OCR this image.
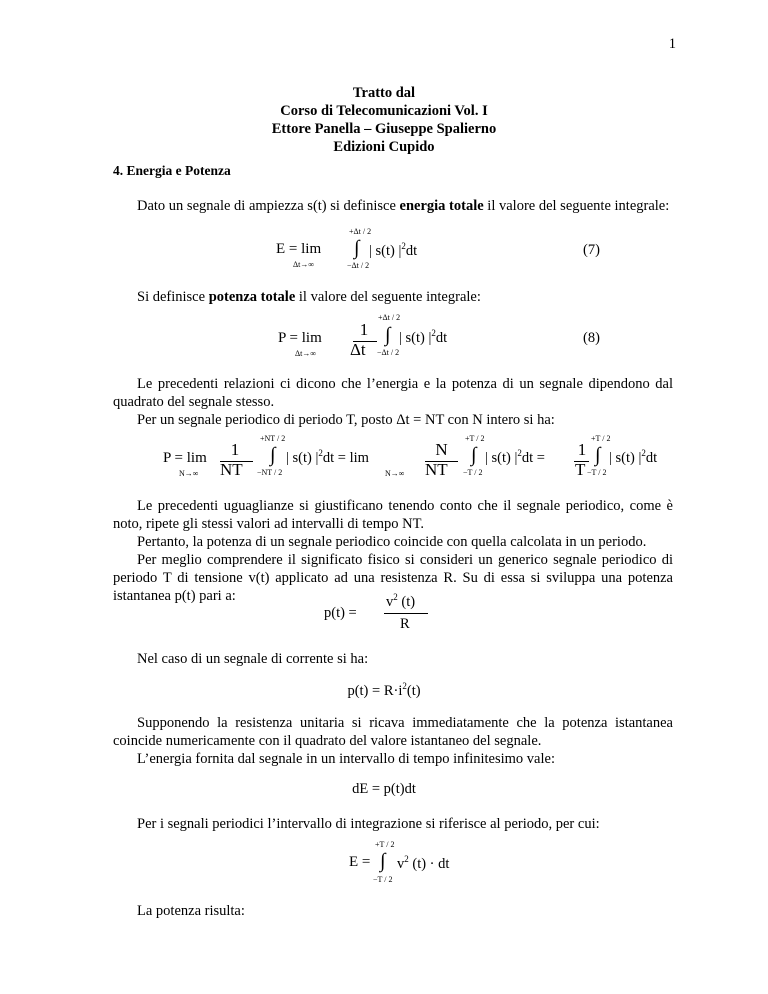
1
Tratto dal
Corso di Telecomunicazioni Vol. I
Ettore Panella – Giuseppe Spalierno
Edizioni Cupido
4. Energia e Potenza
Dato un segnale di ampiezza s(t) si definisce energia totale il valore del seguente integrale:
E = lim
Δt→∞
+Δt / 2
∫
−Δt / 2
| s(t) $|^2dt$	(7)
Si definisce potenza totale il valore del seguente integrale:
P = lim
Δt→∞
1
Δt
+Δt / 2
∫
−Δt / 2
| s(t) $|^2dt$	(8)
Le precedenti relazioni ci dicono che l’energia e la potenza di un segnale dipendono dal quadrato del segnale stesso.
Per un segnale periodico di periodo T, posto Δt = NT con N intero si ha:
P = lim
N→∞
1
NT
+NT / 2
∫
−NT / 2
| s(t) $|^2dt = \lim$
N→∞
N
NT
+T / 2
∫
−T / 2
| s(t) $|^2dt = 1$
T
+T / 2
∫
−T / 2
| s(t) $|^2dt$
Le precedenti uguaglianze si giustificano tenendo conto che il segnale periodico, come è noto, ripete gli stessi valori ad intervalli di tempo NT.
Pertanto, la potenza di un segnale periodico coincide con quella calcolata in un periodo.
Per meglio comprendere il significato fisico si consideri un generico segnale periodico di periodo T di tensione v(t) applicato ad una resistenza R. Su di essa si sviluppa una potenza istantanea p(t) pari a:
p(t) =
$v^2$ (t)
R
Nel caso di un segnale di corrente si ha:
$p(t) = R\cdot i^2(t)$
Supponendo la resistenza unitaria si ricava immediatamente che la potenza istantanea coincide numericamente con il quadrato del valore istantaneo del segnale.
L’energia fornita dal segnale in un intervallo di tempo infinitesimo vale:
dE = p(t)dt
Per i segnali periodici l’intervallo di integrazione si riferisce al periodo, per cui:
E =
+T / 2
∫
−T / 2
$v^2$ (t) · dt
La potenza risulta:
